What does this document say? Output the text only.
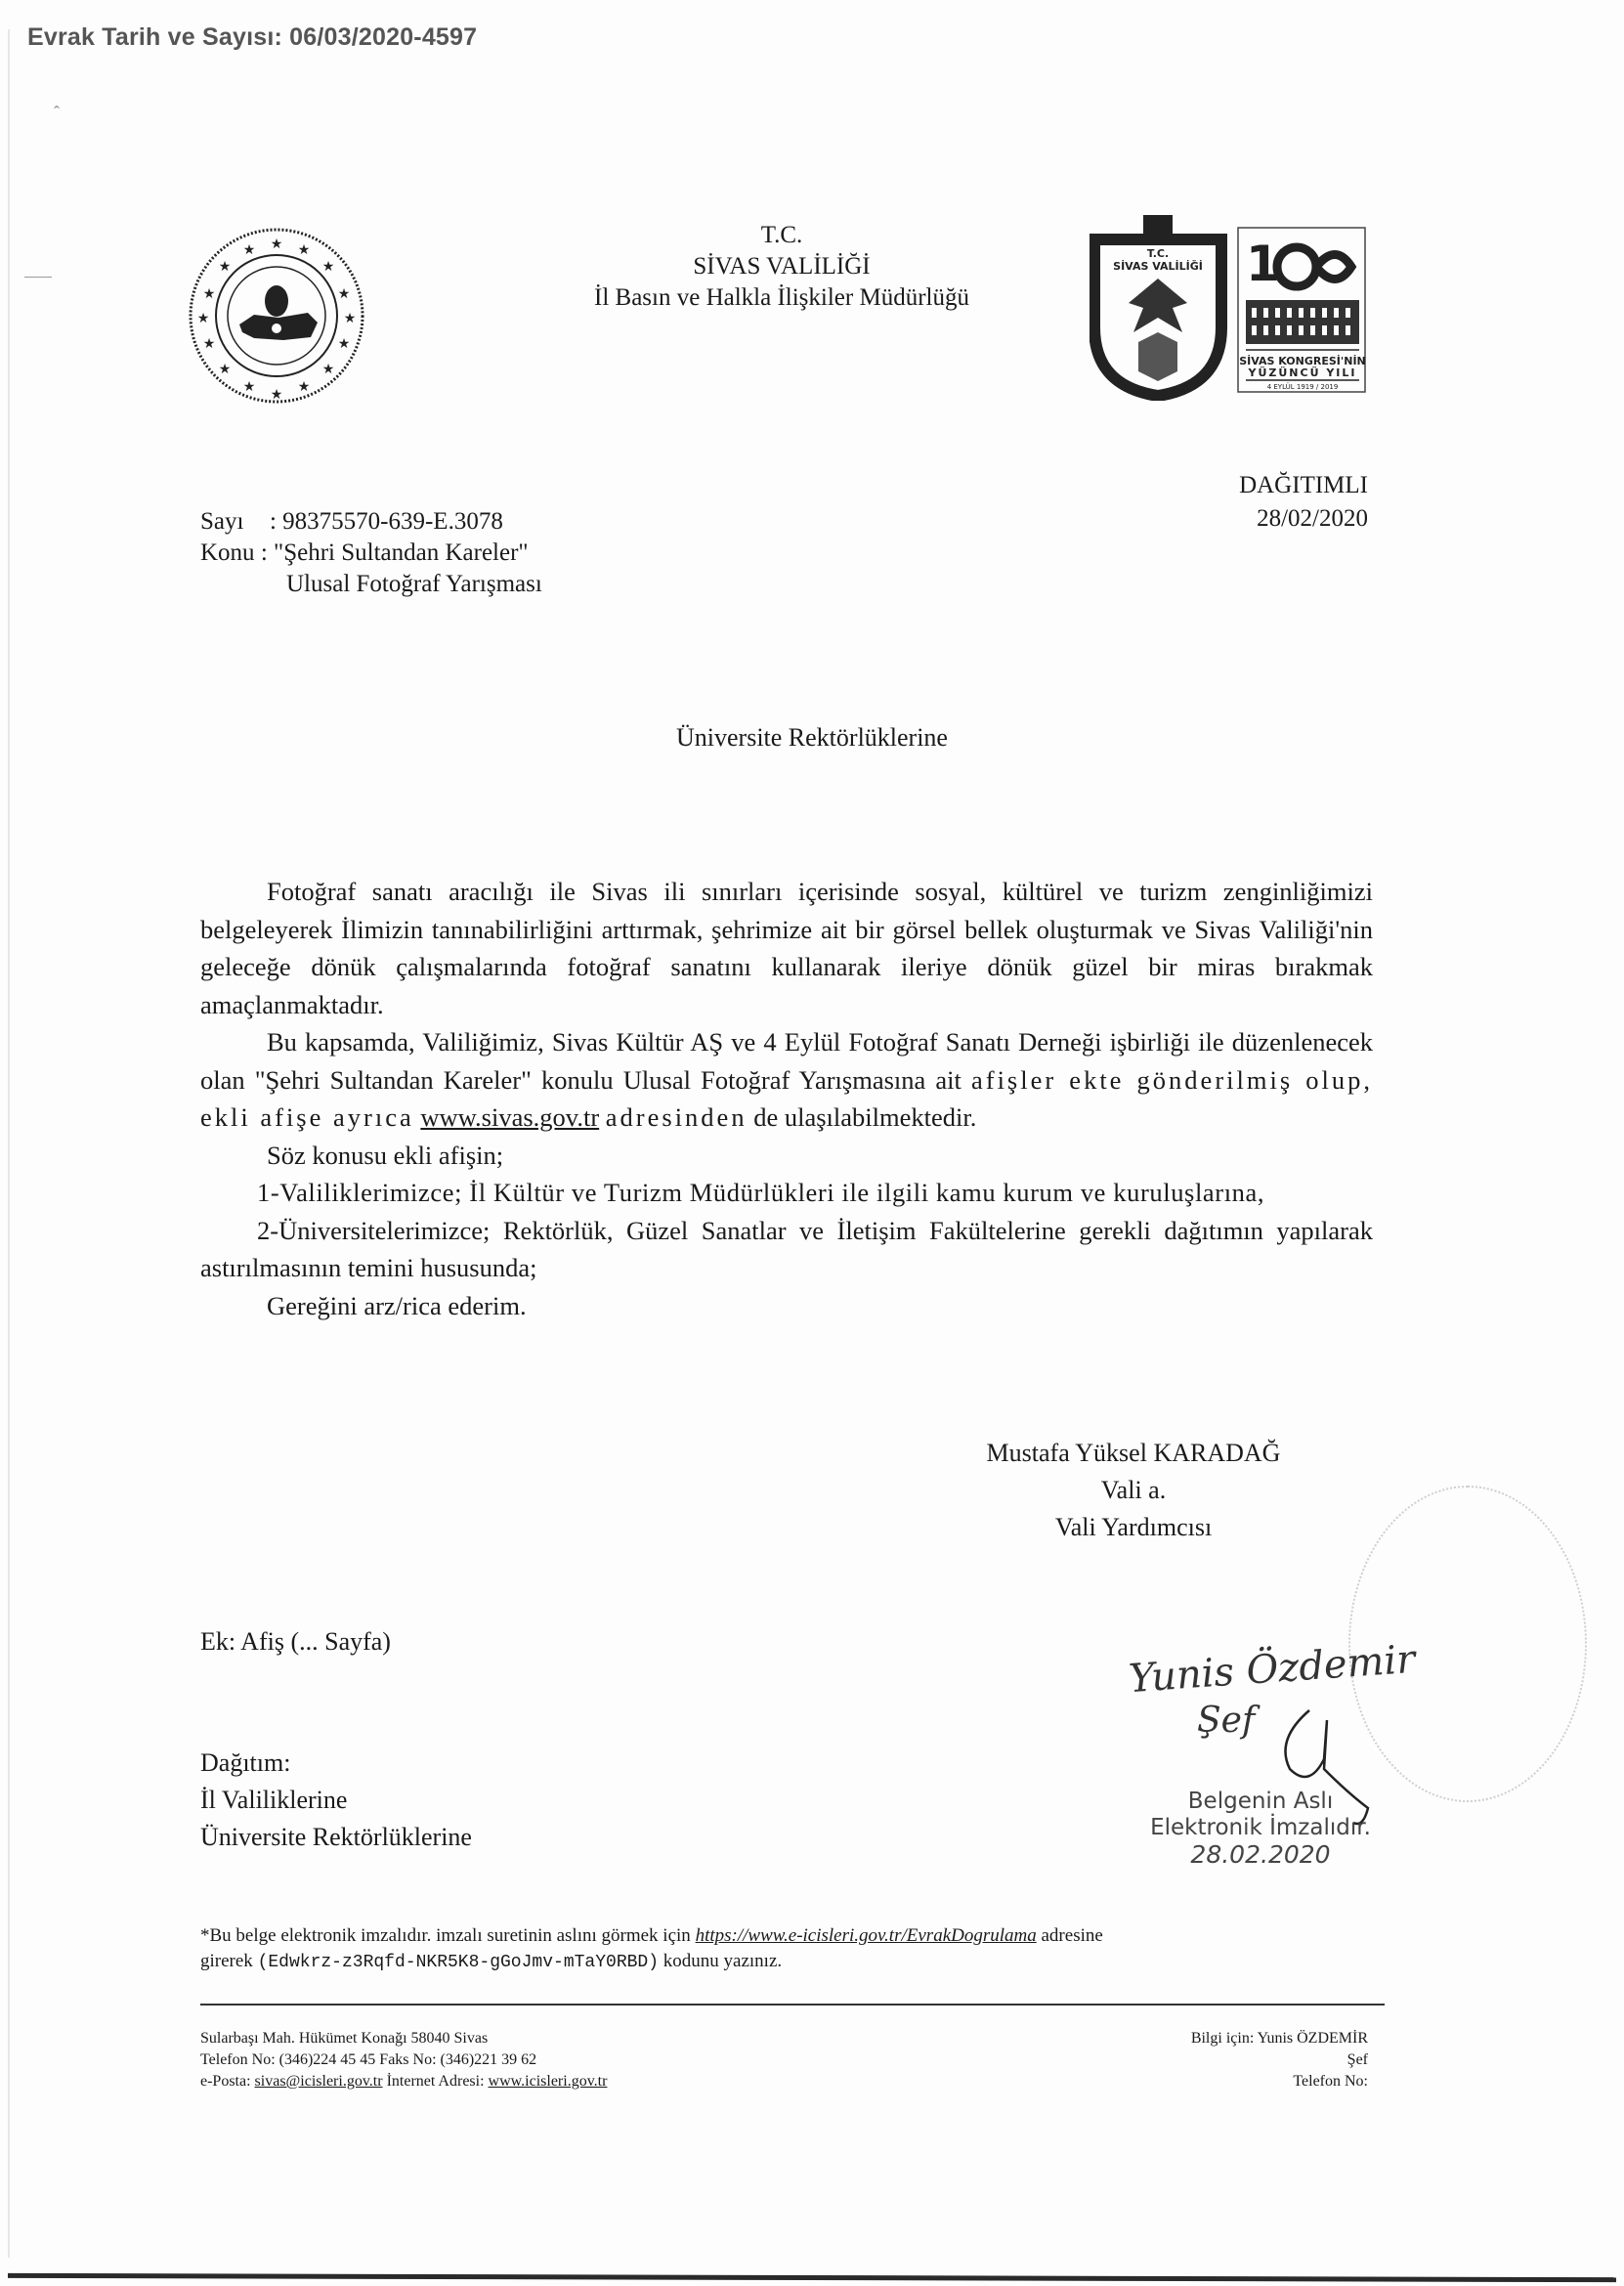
Evrak Tarih ve Sayısı: 06/03/2020-4597
ˆ
★
★	★
★	★
★	★
★	★
★	★
★	★
★	★
★
T.C.
SİVAS VALİLİĞİ
İl Basın ve Halkla İlişkiler Müdürlüğü
T.C.
SİVAS VALİLİĞİ 1
SİVAS KONGRESİ'NİN
YÜZÜNCÜ YILI
4 EYLÜL 1919 / 2019
Sayı : 98375570-639-E.3078
Konu : "Şehri Sultandan Kareler"
Ulusal Fotoğraf Yarışması
DAĞITIMLI
28/02/2020
Üniversite Rektörlüklerine

Fotoğraf sanatı aracılığı ile Sivas ili sınırları içerisinde sosyal, kültürel ve turizm zenginliğimizi belgeleyerek İlimizin tanınabilirliğini arttırmak, şehrimize ait bir görsel bellek oluşturmak ve Sivas Valiliği'nin geleceğe dönük çalışmalarında fotoğraf sanatını kullanarak ileriye dönük güzel bir miras bırakmak amaçlanmaktadır.

Bu kapsamda, Valiliğimiz, Sivas Kültür AŞ ve 4 Eylül Fotoğraf Sanatı Derneği işbirliği ile düzenlenecek olan "Şehri Sultandan Kareler" konulu Ulusal Fotoğraf Yarışmasına ait afişler ekte gönderilmiş olup, ekli afişe ayrıca www.sivas.gov.tr adresinden de ulaşılabilmektedir.

Söz konusu ekli afişin;

1-Valiliklerimizce; İl Kültür ve Turizm Müdürlükleri ile ilgili kamu kurum ve kuruluşlarına,

2-Üniversitelerimizce; Rektörlük, Güzel Sanatlar ve İletişim Fakültelerine gerekli dağıtımın yapılarak astırılmasının temini hususunda;

Gereğini arz/rica ederim.

Mustafa Yüksel KARADAĞ
Vali a.
Vali Yardımcısı
Ek: Afiş (... Sayfa)
Dağıtım:
İl Valiliklerine
Üniversite Rektörlüklerine
Yunis Özdemir
Şef
Belgenin Aslı
Elektronik İmzalıdır.
28.02.2020
*Bu belge elektronik imzalıdır. imzalı suretinin aslını görmek için https://www.e-icisleri.gov.tr/EvrakDogrulama adresine
girerek (Edwkrz-z3Rqfd-NKR5K8-gGoJmv-mTaY0RBD) kodunu yazınız.
Sularbaşı Mah. Hükümet Konağı 58040 Sivas
Telefon No: (346)224 45 45 Faks No: (346)221 39 62
e-Posta: sivas@icisleri.gov.tr İnternet Adresi: www.icisleri.gov.tr
Bilgi için: Yunis ÖZDEMİR
Şef
Telefon No:
